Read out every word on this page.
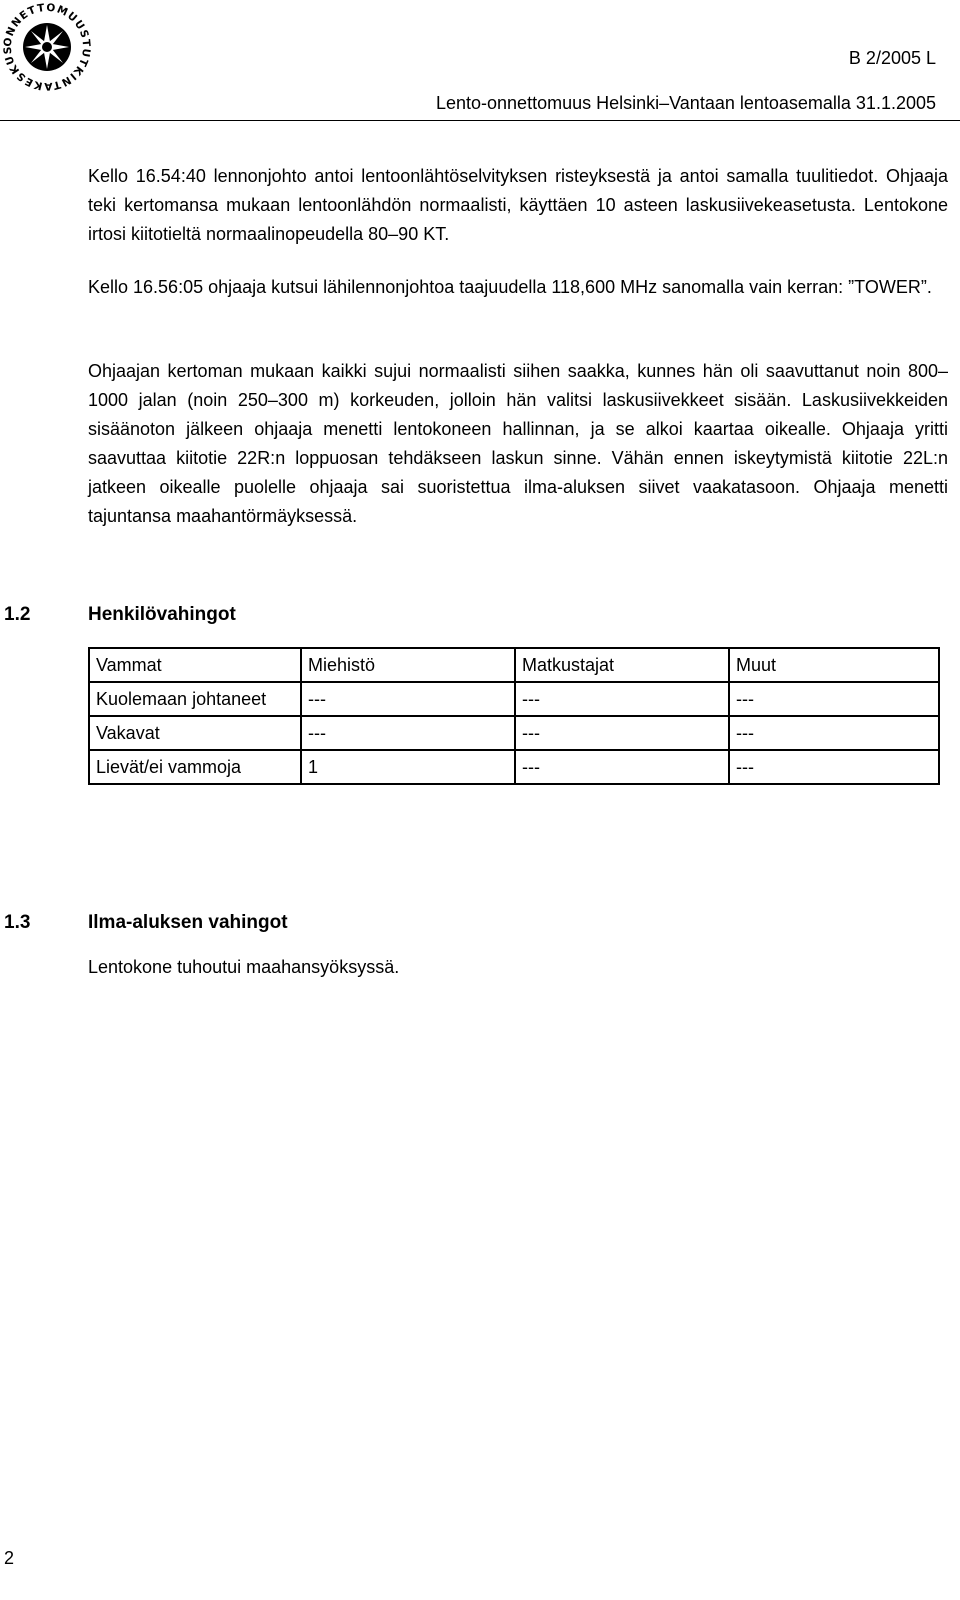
ONNETTOMUUSTUTKINTAKESKUS	B 2/2005 L
Lento-onnettomuus Helsinki–Vantaan lentoasemalla 31.1.2005

Kello 16.54:40 lennonjohto antoi lentoonlähtöselvityksen risteyksestä ja antoi samalla tuulitiedot. Ohjaaja teki kertomansa mukaan lentoonlähdön normaalisti, käyttäen 10 asteen laskusiivekeasetusta. Lentokone irtosi kiitotieltä normaalinopeudella 80–90 KT.

Kello 16.56:05 ohjaaja kutsui lähilennonjohtoa taajuudella 118,600 MHz sanomalla vain kerran: ”TOWER”.

Ohjaajan kertoman mukaan kaikki sujui normaalisti siihen saakka, kunnes hän oli saavuttanut noin 800–1000 jalan (noin 250–300 m) korkeuden, jolloin hän valitsi laskusiivekkeet sisään. Laskusiivekkeiden sisäänoton jälkeen ohjaaja menetti lentokoneen hallinnan, ja se alkoi kaartaa oikealle. Ohjaaja yritti saavuttaa kiitotie 22R:n loppuosan tehdäkseen laskun sinne. Vähän ennen iskeytymistä kiitotie 22L:n jatkeen oikealle puolelle ohjaaja sai suoristettua ilma-aluksen siivet vaakatasoon. Ohjaaja menetti tajuntansa maahantörmäyksessä.

1.2	Henkilövahingot
Vammat	Miehistö	Matkustajat	Muut
Kuolemaan johtaneet	---	---	---
Vakavat	---	---	---
Lievät/ei vammoja	1	---	---
1.3	Ilma-aluksen vahingot

Lentokone tuhoutui maahansyöksyssä.

2
